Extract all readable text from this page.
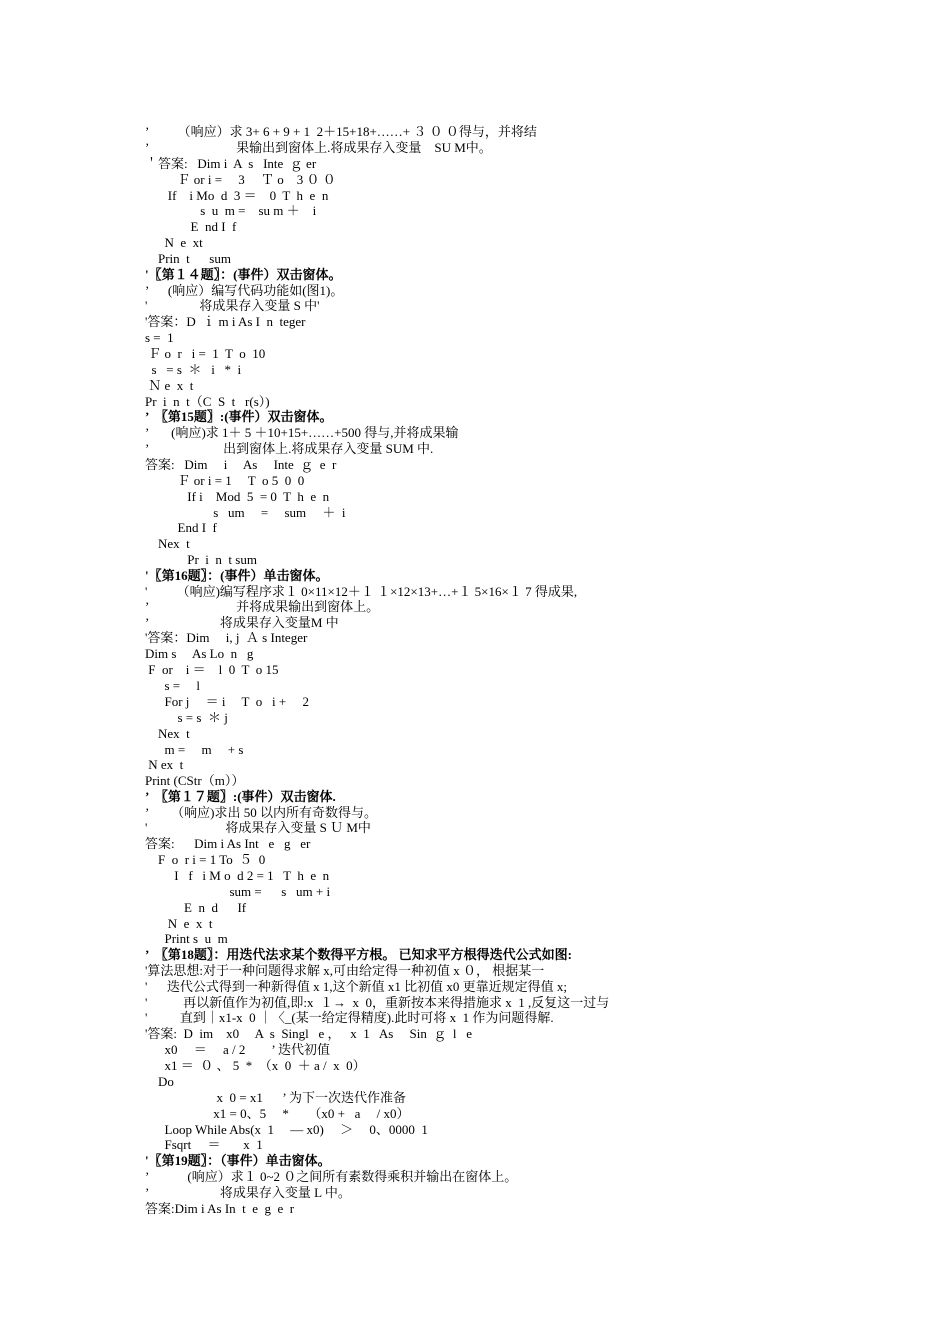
’         （响应）求 3+ 6 + 9 + 1  2＋15+18+……+ ３ ０ ０得与，并将结
’                           果输出到窗体上.将成果存入变量    SU M中。
＇答案:   Dim i  A  s   Inte  ｇ er
Ｆ or i =     3     Ｔ o    3 ０ ０
If    i Mo  d  3 ＝    0  T  h  e  n
s  u  m =    su m ＋    i
E  nd I  f
N  e  xt
Prin  t      sum
'〖第１４题〗：(事件）双击窗体。
’      (响应）编写代码功能如(图1)。
'                将成果存入变量 S 中'
'答案：D  ｉ m i As I  n  teger
s =  1
Ｆ o  r   i =  1  T  o  10
s   = s  ＊   i   *  i
Ｎ e  x  t
Pr  i  n  t（C  S  t   r(s）)
’  〖第15题〗:(事件）双击窗体。
’       (响应)求 1＋ 5 ＋10+15+……+500 得与,并将成果输
’                       出到窗体上.将成果存入变量 SUM 中.
答案:   Dim     i     As     Inte  ｇ  e  r
Ｆ or i = 1     T  o 5  0  0
If i    Mod  5  = 0  T  h  e  n
s   um     =     sum     ＋  i
End I  f
Nex  t
Pr  i  n  t sum
'〖第16题〗：(事件）单击窗体。
'         （响应)编写程序求１ 0×11×12＋１ １×12×13+…+１ 5×16×１ 7 得成果,
’                           并将成果输出到窗体上。
’                      将成果存入变量M 中
'答案：Dim     i, j  Ａ s Integer
Dim s     As Lo  n   g
F  or    i ＝    l  0  T  o 15
s =     l
For j     ＝ i     T  o   i +     2
s = s  ＊ j
Nex  t
m =     m     + s
N ex  t
Print (CStr（m））
’  〖第１７题〗:(事件）双击窗体.
’       （响应)求出 50 以内所有奇数得与。
'                        将成果存入变量 S Ｕ M中
答案:      Dim i As Int   e   g   er
F  o  r i = 1 To  ５  0
I   f   i M o  d 2 = 1   T  h  e  n
sum =      s   um + i
E  n  d      If
N  e  x  t
Print s  u  m
’  〖第18题〗：用迭代法求某个数得平方根。 已知求平方根得迭代公式如图:
'算法思想:对于一种问题得求解 x,可由给定得一种初值 x ０， 根据某一
'      迭代公式得到一种新得值 x 1,这个新值 x1 比初值 x0 更靠近规定得值 x;
'           再以新值作为初值,即:x  １→  x  0，重新按本来得措施求 x  1 ,反复这一过与
'          直到｜x1-x  0 ｜〈_(某一给定得精度).此时可将 x  1 作为问题得解.
'答案:  D  im    x0     A  s  Singl   e ，   x  1   As     Sin  ｇ  l   e
x0     ＝     a / 2        ’ 迭代初值
x1 ＝  ０ 、 5  *  （x  0  ＋ a /  x  0）
Do
x  0 = x1      ’ 为下一次迭代作准备
x1 = 0、5     *      （x0 +   a     / x0）
Loop While Abs(x  1     — x0)     ＞     0、0000  1
Fsqrt     ＝       x  1
'〖第19题〗：（事件）单击窗体。
’            (响应）求１ 0~2 ０之间所有素数得乘积并输出在窗体上。
’                      将成果存入变量 L 中。
答案:Dim i As In  t  e  g  e  r
